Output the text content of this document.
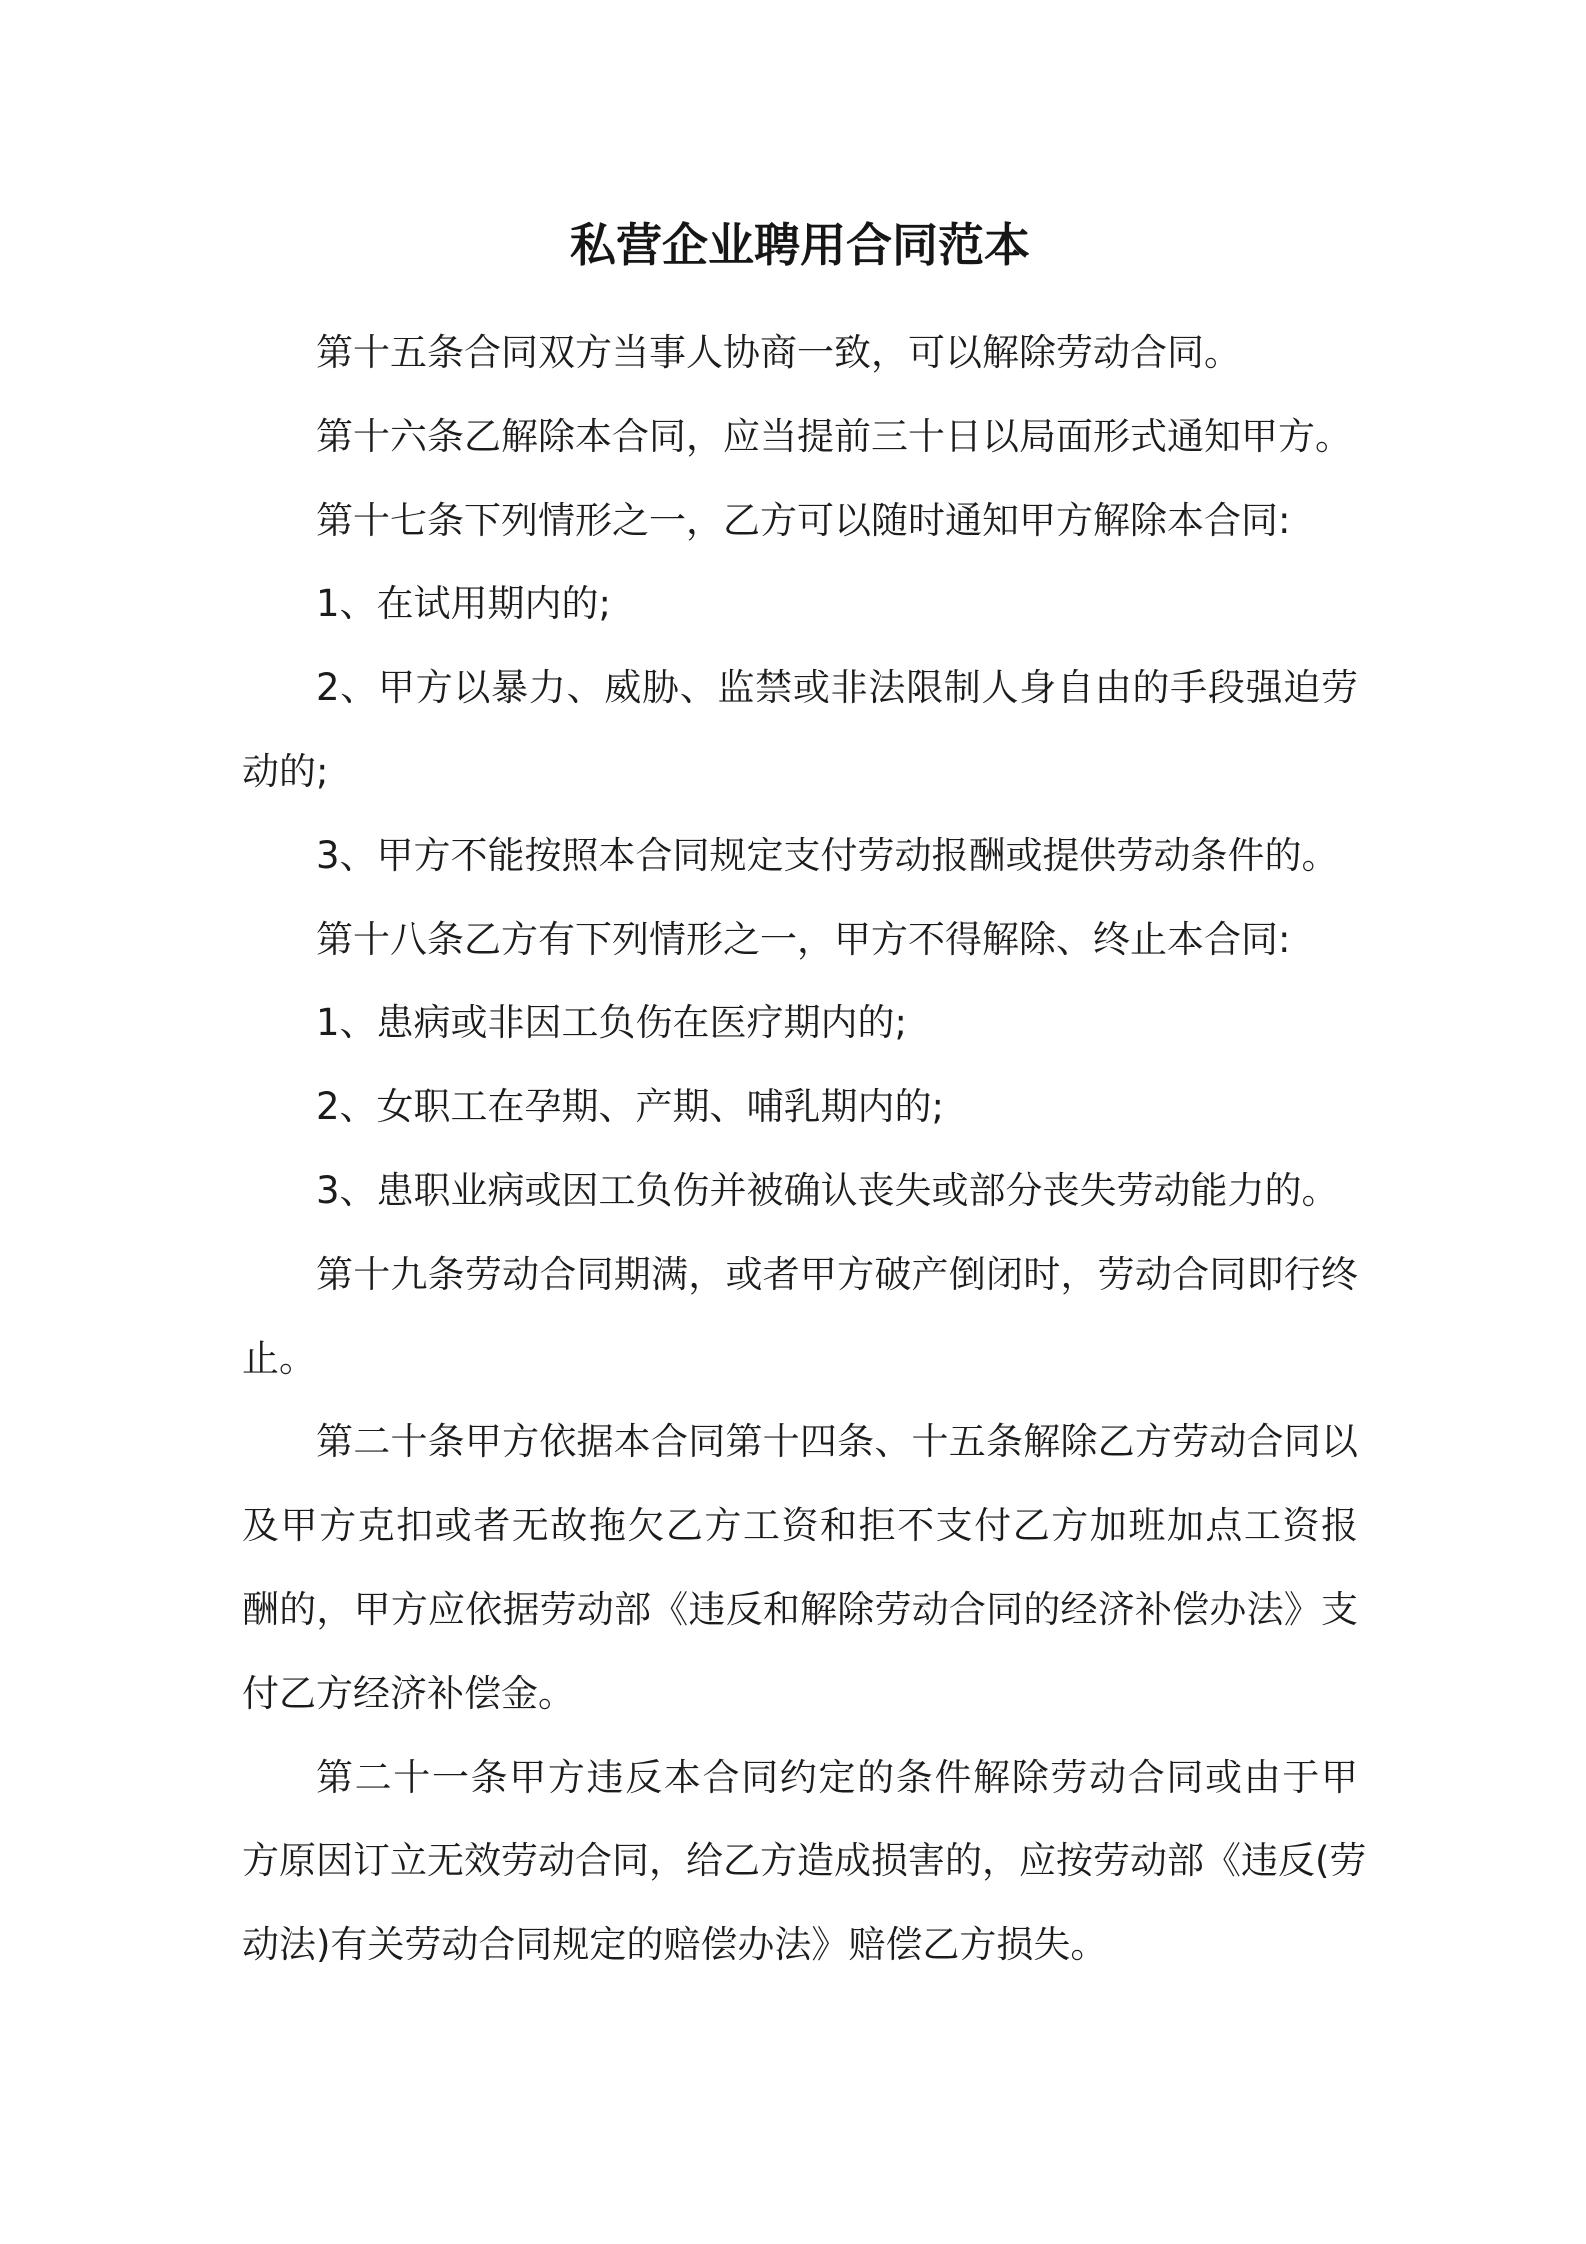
私营企业聘用合同范本
第十五条合同双方当事人协商一致，可以解除劳动合同。
第十六条乙解除本合同，应当提前三十日以局面形式通知甲方。
第十七条下列情形之一，乙方可以随时通知甲方解除本合同:
1、在试用期内的;
2、甲方以暴力、威胁、监禁或非法限制人身自由的手段强迫劳
动的;
3、甲方不能按照本合同规定支付劳动报酬或提供劳动条件的。
第十八条乙方有下列情形之一，甲方不得解除、终止本合同:
1、患病或非因工负伤在医疗期内的;
2、女职工在孕期、产期、哺乳期内的;
3、患职业病或因工负伤并被确认丧失或部分丧失劳动能力的。
第十九条劳动合同期满，或者甲方破产倒闭时，劳动合同即行终
止。
第二十条甲方依据本合同第十四条、十五条解除乙方劳动合同以
及甲方克扣或者无故拖欠乙方工资和拒不支付乙方加班加点工资报
酬的，甲方应依据劳动部《违反和解除劳动合同的经济补偿办法》支
付乙方经济补偿金。
第二十一条甲方违反本合同约定的条件解除劳动合同或由于甲
方原因订立无效劳动合同，给乙方造成损害的，应按劳动部《违反(劳
动法)有关劳动合同规定的赔偿办法》赔偿乙方损失。
